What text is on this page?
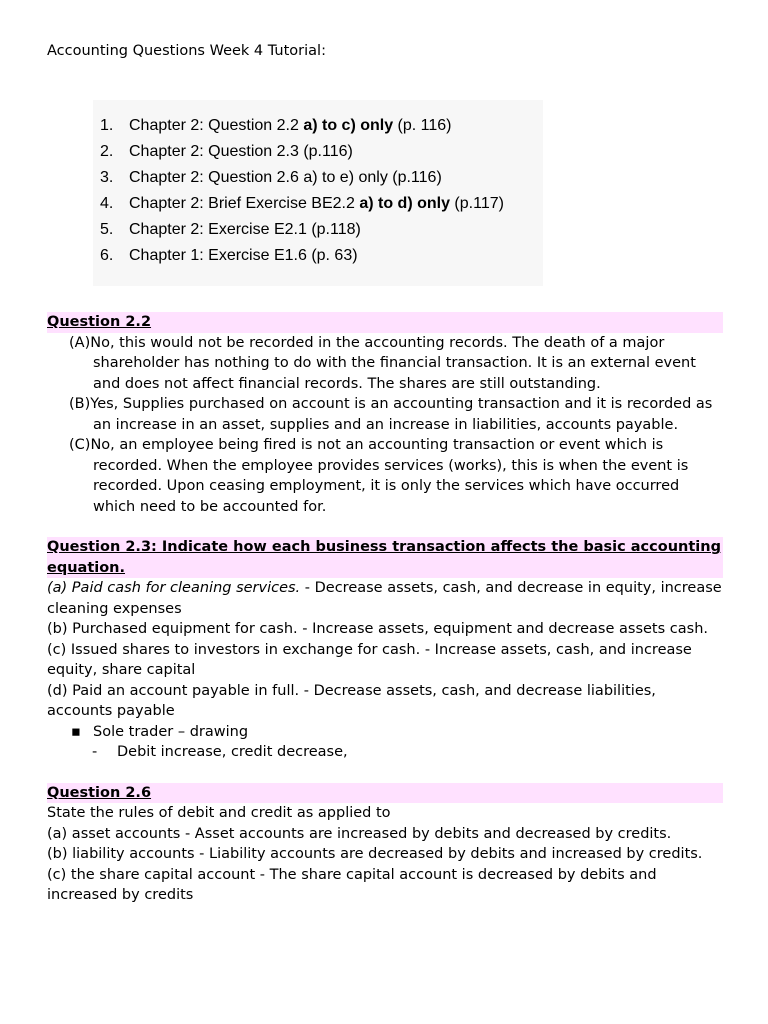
Accounting Questions Week 4 Tutorial:
1. Chapter 2: Question 2.2 a) to c) only (p. 116)
2. Chapter 2: Question 2.3 (p.116)
3. Chapter 2: Question 2.6 a) to e) only (p.116)
4. Chapter 2: Brief Exercise BE2.2 a) to d) only (p.117)
5. Chapter 2: Exercise E2.1 (p.118)
6. Chapter 1: Exercise E1.6 (p. 63)
Question 2.2
(A)No, this would not be recorded in the accounting records. The death of a major shareholder has nothing to do with the financial transaction. It is an external event and does not affect financial records. The shares are still outstanding.
(B)Yes, Supplies purchased on account is an accounting transaction and it is recorded as an increase in an asset, supplies and an increase in liabilities, accounts payable.
(C)No, an employee being fired is not an accounting transaction or event which is recorded. When the employee provides services (works), this is when the event is recorded. Upon ceasing employment, it is only the services which have occurred which need to be accounted for.
Question 2.3: Indicate how each business transaction affects the basic accounting equation.

(a) Paid cash for cleaning services. - Decrease assets, cash, and decrease in equity, increase cleaning expenses

(b) Purchased equipment for cash. - Increase assets, equipment and decrease assets cash.

(c) Issued shares to investors in exchange for cash. - Increase assets, cash, and increase equity, share capital

(d) Paid an account payable in full. - Decrease assets, cash, and decrease liabilities, accounts payable

▪ Sole trader – drawing

- Debit increase, credit decrease,

Question 2.6

State the rules of debit and credit as applied to

(a) asset accounts - Asset accounts are increased by debits and decreased by credits.

(b) liability accounts - Liability accounts are decreased by debits and increased by credits.

(c) the share capital account - The share capital account is decreased by debits and increased by credits
